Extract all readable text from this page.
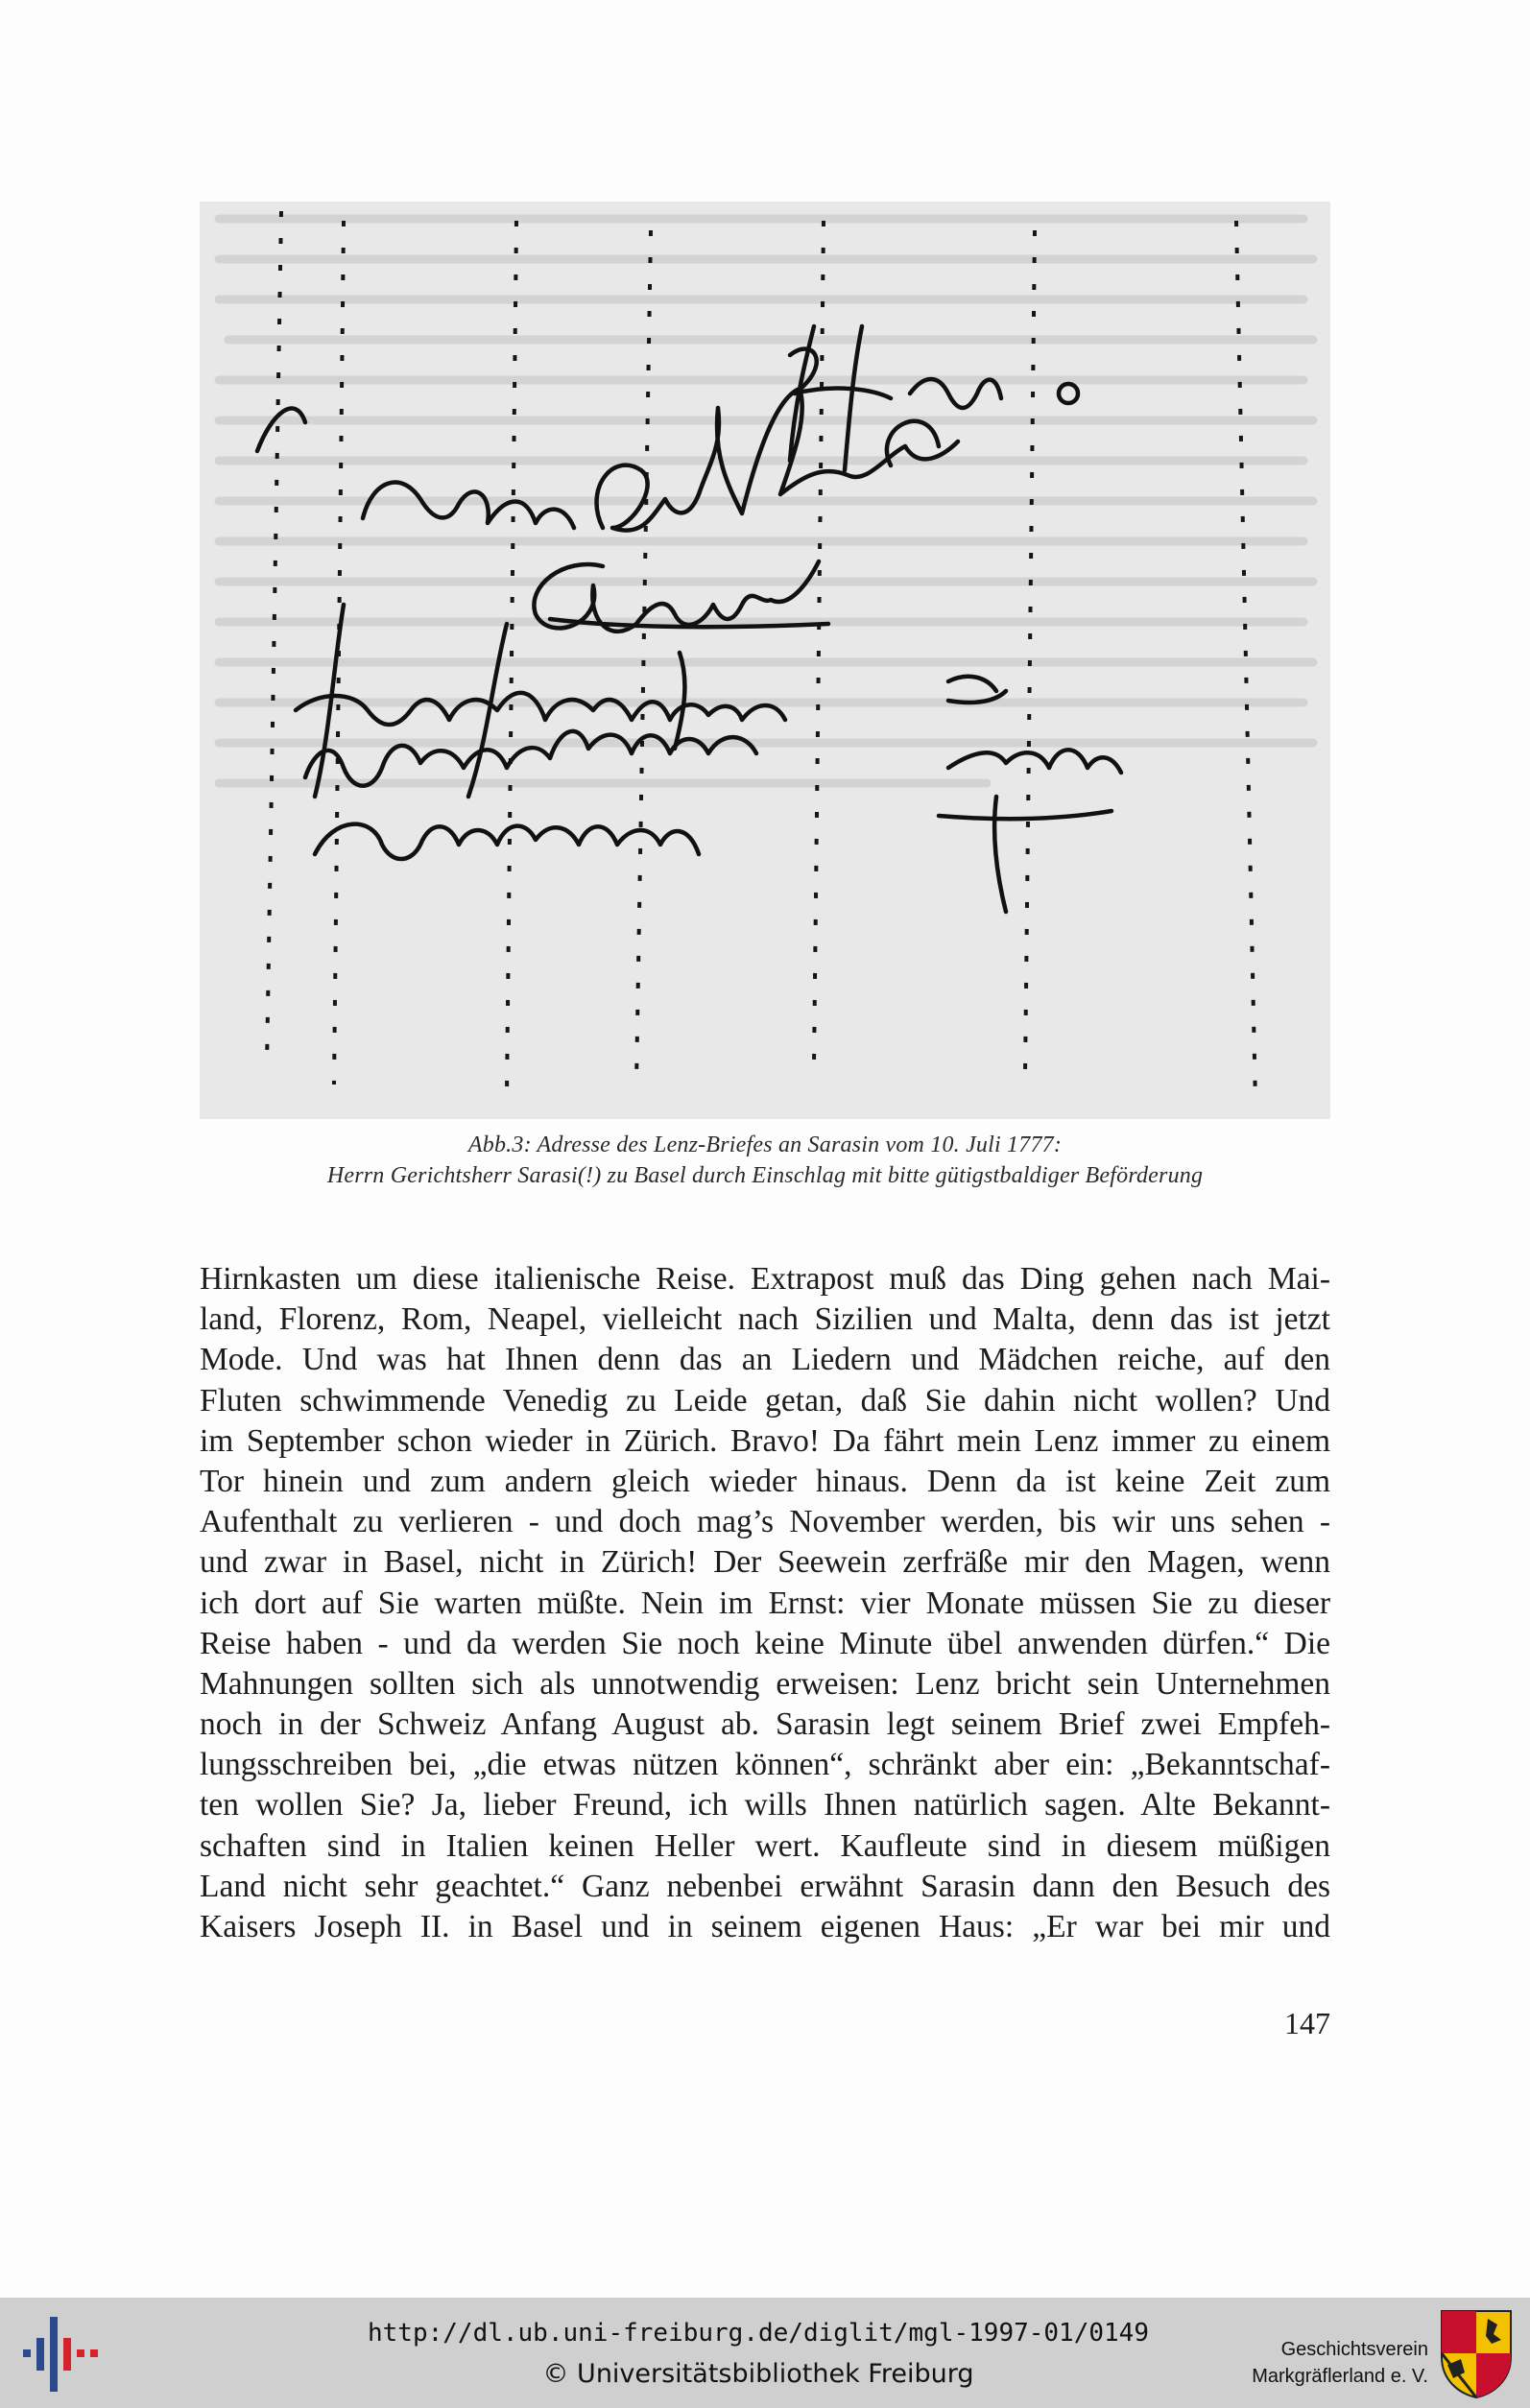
Abb.3: Adresse des Lenz-Briefes an Sarasin vom 10. Juli 1777:
Herrn Gerichtsherr Sarasi(!) zu Basel durch Einschlag mit bitte gütigstbaldiger Beförderung
Hirnkasten um diese italienische Reise. Extrapost muß das Ding gehen nach Mai-
land, Florenz, Rom, Neapel, vielleicht nach Sizilien und Malta, denn das ist jetzt
Mode. Und was hat Ihnen denn das an Liedern und Mädchen reiche, auf den
Fluten schwimmende Venedig zu Leide getan, daß Sie dahin nicht wollen? Und
im September schon wieder in Zürich. Bravo! Da fährt mein Lenz immer zu einem
Tor hinein und zum andern gleich wieder hinaus. Denn da ist keine Zeit zum
Aufenthalt zu verlieren - und doch mag’s November werden, bis wir uns sehen -
und zwar in Basel, nicht in Zürich! Der Seewein zerfräße mir den Magen, wenn
ich dort auf Sie warten müßte. Nein im Ernst: vier Monate müssen Sie zu dieser
Reise haben - und da werden Sie noch keine Minute übel anwenden dürfen.“ Die
Mahnungen sollten sich als unnotwendig erweisen: Lenz bricht sein Unternehmen
noch in der Schweiz Anfang August ab. Sarasin legt seinem Brief zwei Empfeh-
lungsschreiben bei, „die etwas nützen können“, schränkt aber ein: „Bekanntschaf-
ten wollen Sie? Ja, lieber Freund, ich wills Ihnen natürlich sagen. Alte Bekannt-
schaften sind in Italien keinen Heller wert. Kaufleute sind in diesem müßigen
Land nicht sehr geachtet.“ Ganz nebenbei erwähnt Sarasin dann den Besuch des
Kaisers Joseph II. in Basel und in seinem eigenen Haus: „Er war bei mir und
147
http://dl.ub.uni-freiburg.de/diglit/mgl-1997-01/0149
© Universitätsbibliothek Freiburg
Geschichtsverein
Markgräflerland e. V.
